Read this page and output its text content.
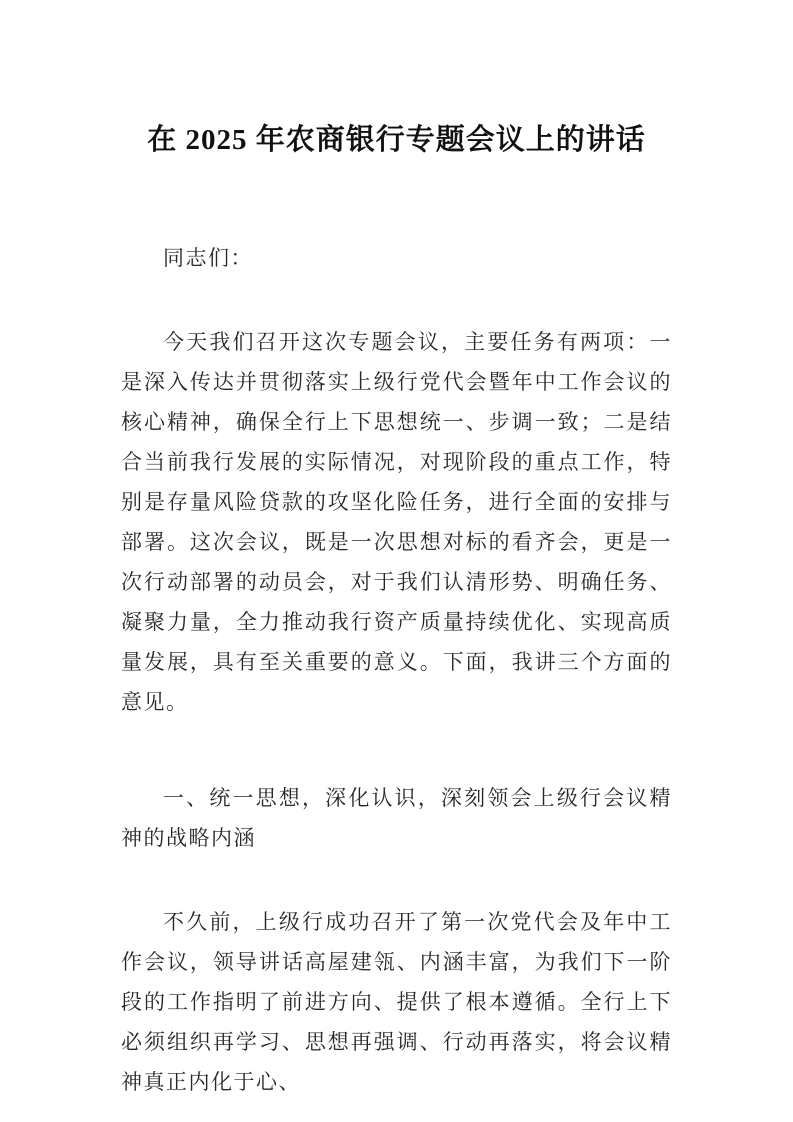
在 2025 年农商银行专题会议上的讲话

同志们：

今天我们召开这次专题会议，主要任务有两项：一是深入传达并贯彻落实上级行党代会暨年中工作会议的核心精神，确保全行上下思想统一、步调一致；二是结合当前我行发展的实际情况，对现阶段的重点工作，特别是存量风险贷款的攻坚化险任务，进行全面的安排与部署。这次会议，既是一次思想对标的看齐会，更是一次行动部署的动员会，对于我们认清形势、明确任务、凝聚力量，全力推动我行资产质量持续优化、实现高质量发展，具有至关重要的意义。下面，我讲三个方面的意见。

一、统一思想，深化认识，深刻领会上级行会议精神的战略内涵

不久前，上级行成功召开了第一次党代会及年中工作会议，领导讲话高屋建瓴、内涵丰富，为我们下一阶段的工作指明了前进方向、提供了根本遵循。全行上下必须组织再学习、思想再强调、行动再落实，将会议精神真正内化于心、
